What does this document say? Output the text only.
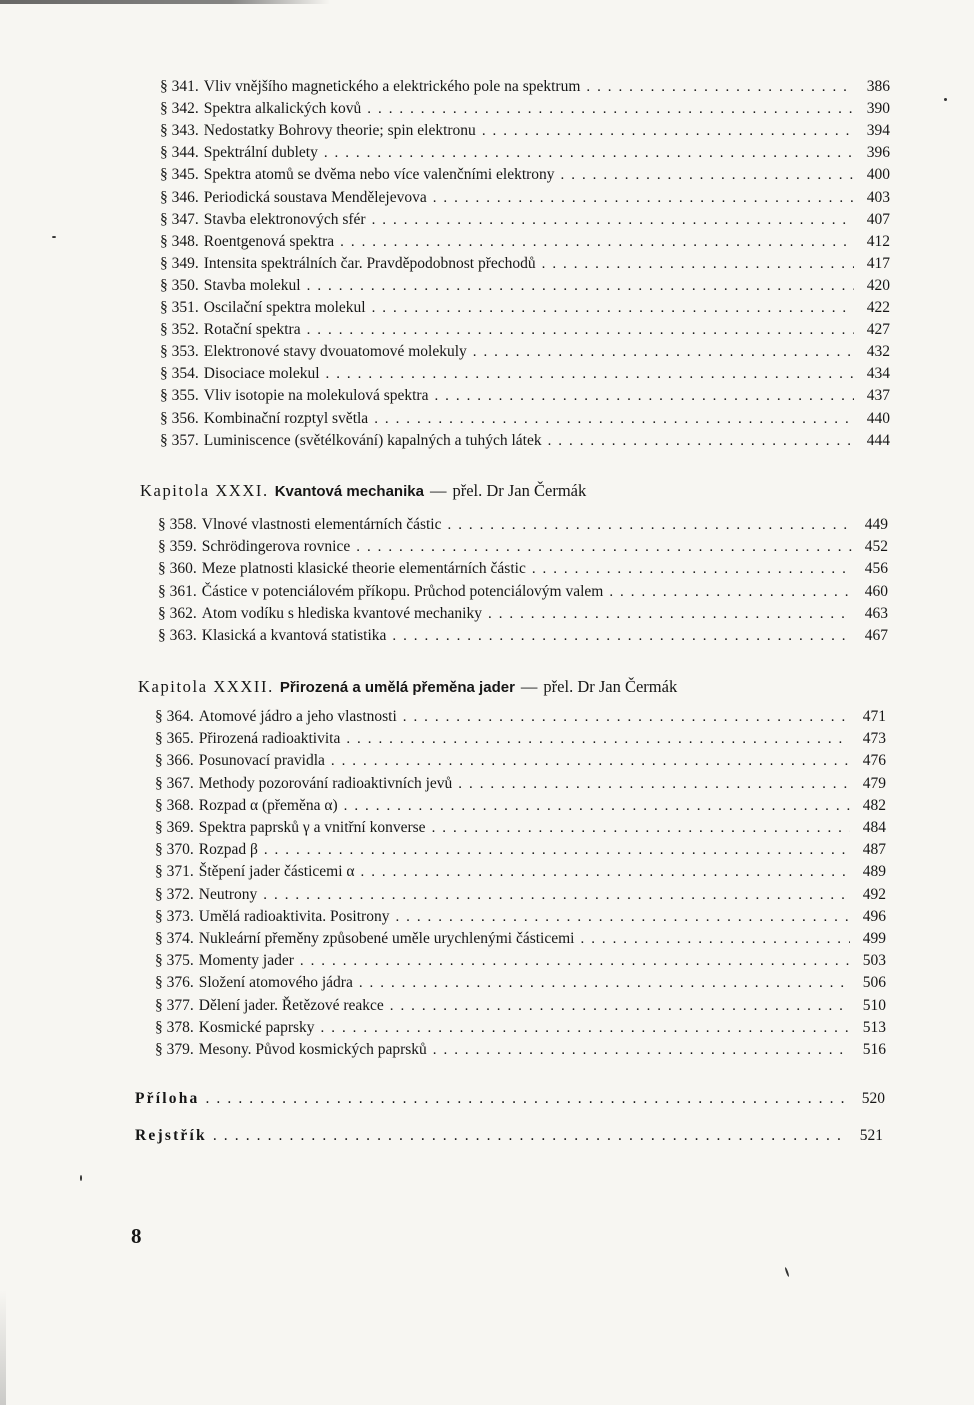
§ 341. Vliv vnějšího magnetického a elektrického pole na spektrum . . .	386
§ 342. Spektra alkalických kovů . . .	390
§ 343. Nedostatky Bohrovy theorie; spin elektronu . . .	394
§ 344. Spektrální dublety . . .	396
§ 345. Spektra atomů se dvěma nebo více valenčními elektrony . . .	400
§ 346. Periodická soustava Mendělejevova . . .	403
§ 347. Stavba elektronových sfér . . .	407
§ 348. Roentgenová spektra . . .	412
§ 349. Intensita spektrálních čar. Pravděpodobnost přechodů . . .	417
§ 350. Stavba molekul . . .	420
§ 351. Oscilační spektra molekul . . .	422
§ 352. Rotační spektra . . .	427
§ 353. Elektronové stavy dvouatomové molekuly . . .	432
§ 354. Disociace molekul . . .	434
§ 355. Vliv isotopie na molekulová spektra . . .	437
§ 356. Kombinační rozptyl světla . . .	440
§ 357. Luminiscence (světélkování) kapalných a tuhých látek . . .	444
Kapitola XXXI. Kvantová mechanika — přel. Dr Jan Čermák
§ 358. Vlnové vlastnosti elementárních částic . . .	449
§ 359. Schrödingerova rovnice . . .	452
§ 360. Meze platnosti klasické theorie elementárních částic . . .	456
§ 361. Částice v potenciálovém příkopu. Průchod potenciálovým valem . . .	460
§ 362. Atom vodíku s hlediska kvantové mechaniky . . .	463
§ 363. Klasická a kvantová statistika . . .	467
Kapitola XXXII. Přirozená a umělá přeměna jader — přel. Dr Jan Čermák
§ 364. Atomové jádro a jeho vlastnosti . . .	471
§ 365. Přirozená radioaktivita . . .	473
§ 366. Posunovací pravidla . . .	476
§ 367. Methody pozorování radioaktivních jevů . . .	479
§ 368. Rozpad α (přeměna α) . . .	482
§ 369. Spektra paprsků γ a vnitřní konverse . . .	484
§ 370. Rozpad β . . .	487
§ 371. Štěpení jader částicemi α . . .	489
§ 372. Neutrony . . .	492
§ 373. Umělá radioaktivita. Positrony . . .	496
§ 374. Nukleární přeměny způsobené uměle urychlenými částicemi . . .	499
§ 375. Momenty jader . . .	503
§ 376. Složení atomového jádra . . .	506
§ 377. Dělení jader. Řetězové reakce . . .	510
§ 378. Kosmické paprsky . . .	513
§ 379. Mesony. Původ kosmických paprsků . . .	516
Příloha . . .	520
Rejstřík . . .	521
8
